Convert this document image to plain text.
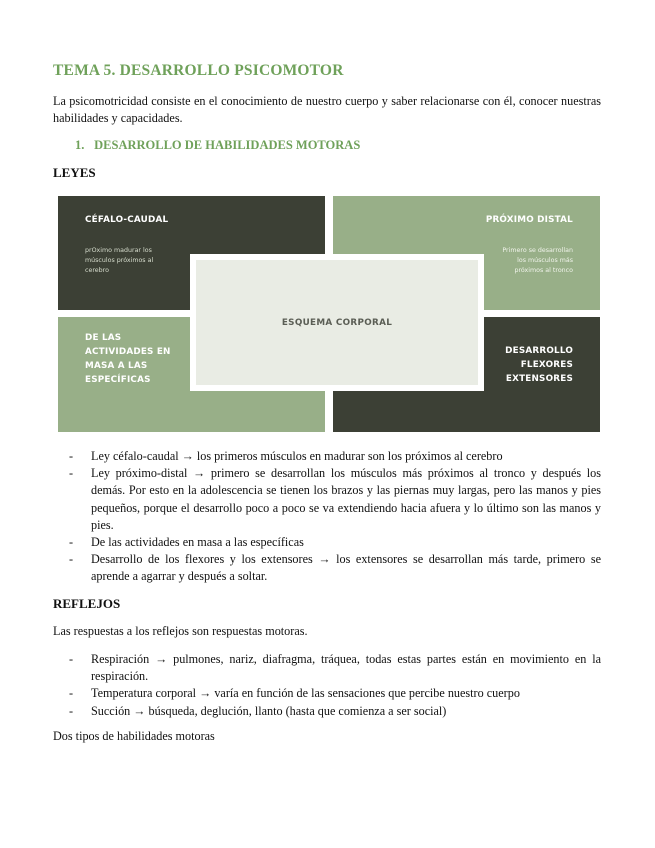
TEMA 5. DESARROLLO PSICOMOTOR

La psicomotricidad consiste en el conocimiento de nuestro cuerpo y saber relacionarse con él, conocer nuestras habilidades y capacidades.

1. DESARROLLO DE HABILIDADES MOTORAS
LEYES
CÉFALO-CAUDAL
prOximo madurar los músculos próximos al cerebro
PRÓXIMO DISTAL
Primero se desarrollan los músculos más próximos al tronco
DE LAS ACTIVIDADES EN MASA A LAS ESPECÍFICAS
DESARROLLO FLEXORES EXTENSORES
ESQUEMA CORPORAL
- Ley céfalo-caudal → los primeros músculos en madurar son los próximos al cerebro
- Ley próximo-distal → primero se desarrollan los músculos más próximos al tronco y después los demás. Por esto en la adolescencia se tienen los brazos y las piernas muy largas, pero las manos y pies pequeños, porque el desarrollo poco a poco se va extendiendo hacia afuera y lo último son las manos y pies.
- De las actividades en masa a las específicas
- Desarrollo de los flexores y los extensores → los extensores se desarrollan más tarde, primero se aprende a agarrar y después a soltar.
REFLEJOS

Las respuestas a los reflejos son respuestas motoras.

- Respiración → pulmones, nariz, diafragma, tráquea, todas estas partes están en movimiento en la respiración.
- Temperatura corporal → varía en función de las sensaciones que percibe nuestro cuerpo
- Succión → búsqueda, deglución, llanto (hasta que comienza a ser social)

Dos tipos de habilidades motoras
